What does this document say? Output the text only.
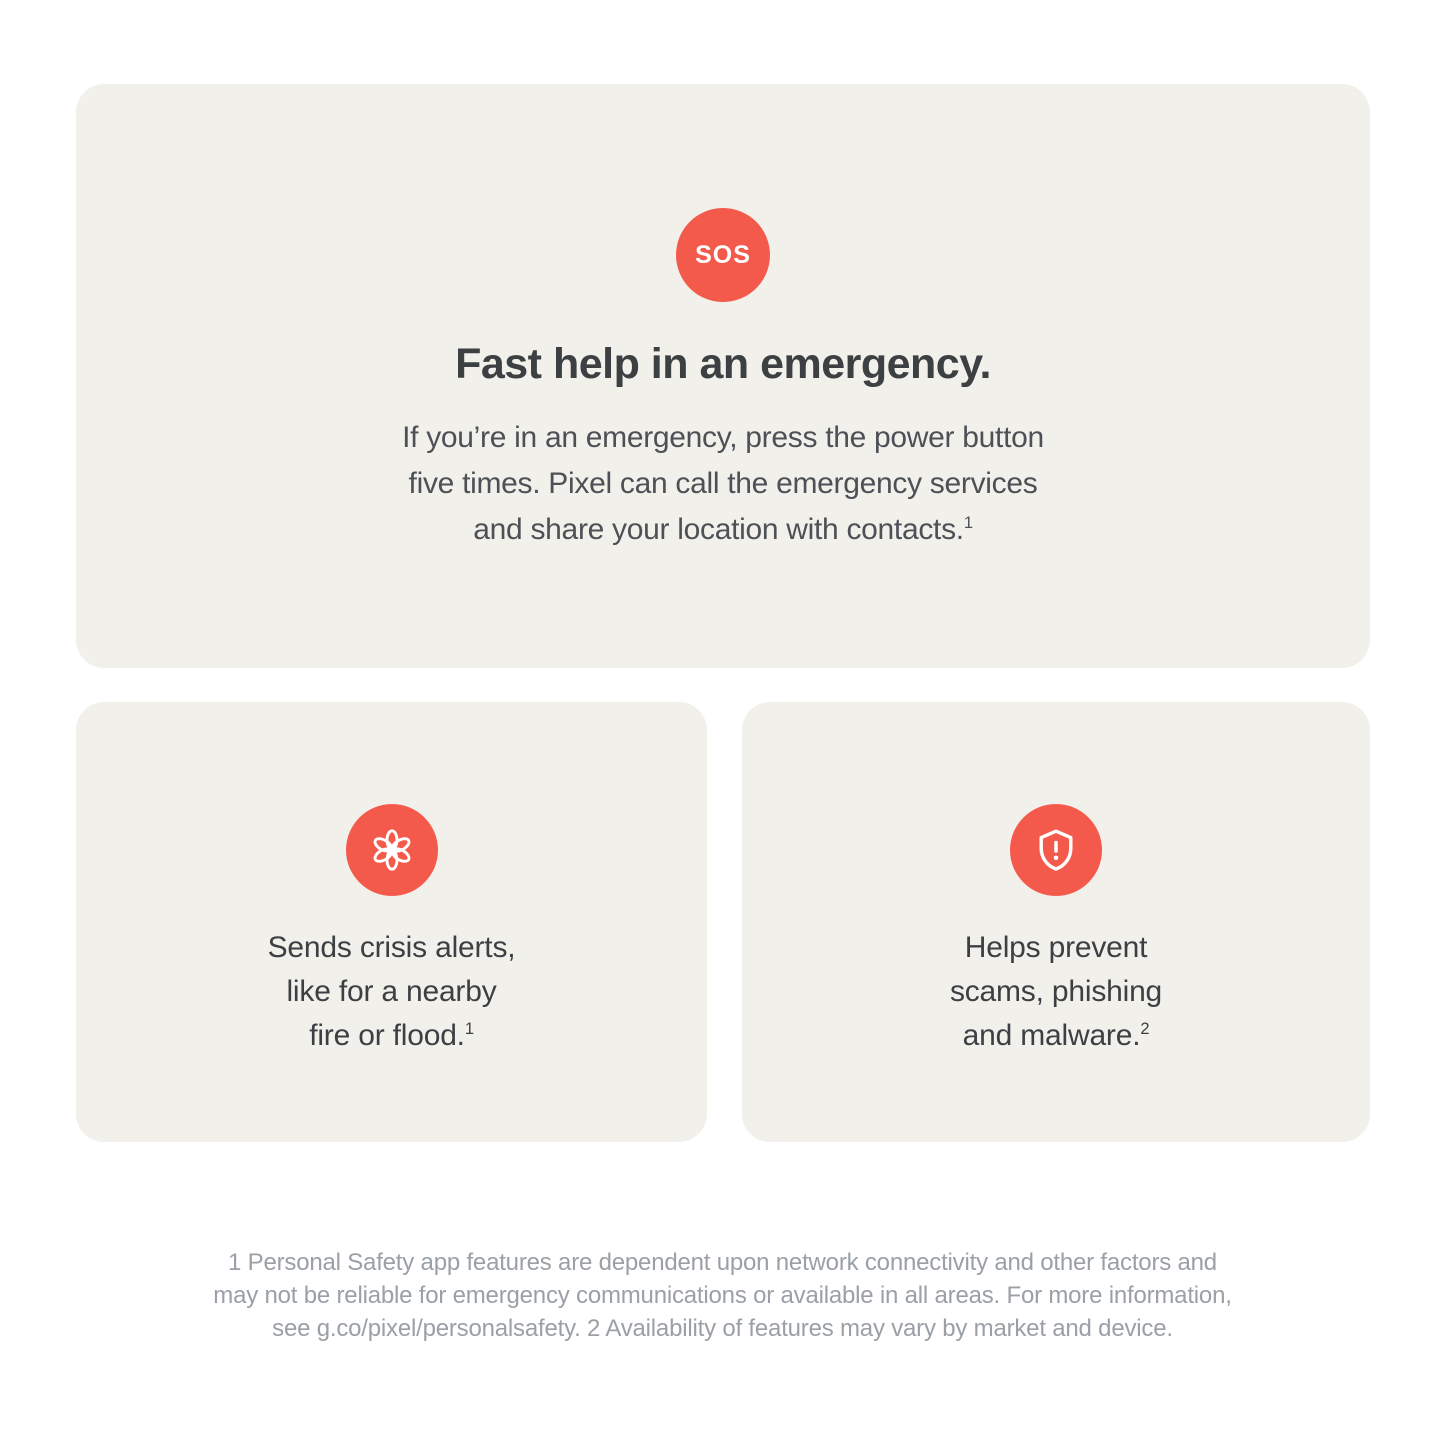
SOS
Fast help in an emergency.

If you’re in an emergency, press the power button
five times. Pixel can call the emergency services
and share your location with contacts.$^1$

Sends crisis alerts,
like for a nearby
fire or flood.$^1$

Helps prevent
scams, phishing
and malware.$^2$

1 Personal Safety app features are dependent upon network connectivity and other factors and
may not be reliable for emergency communications or available in all areas. For more information,
see g.co/pixel/personalsafety. 2 Availability of features may vary by market and device.
